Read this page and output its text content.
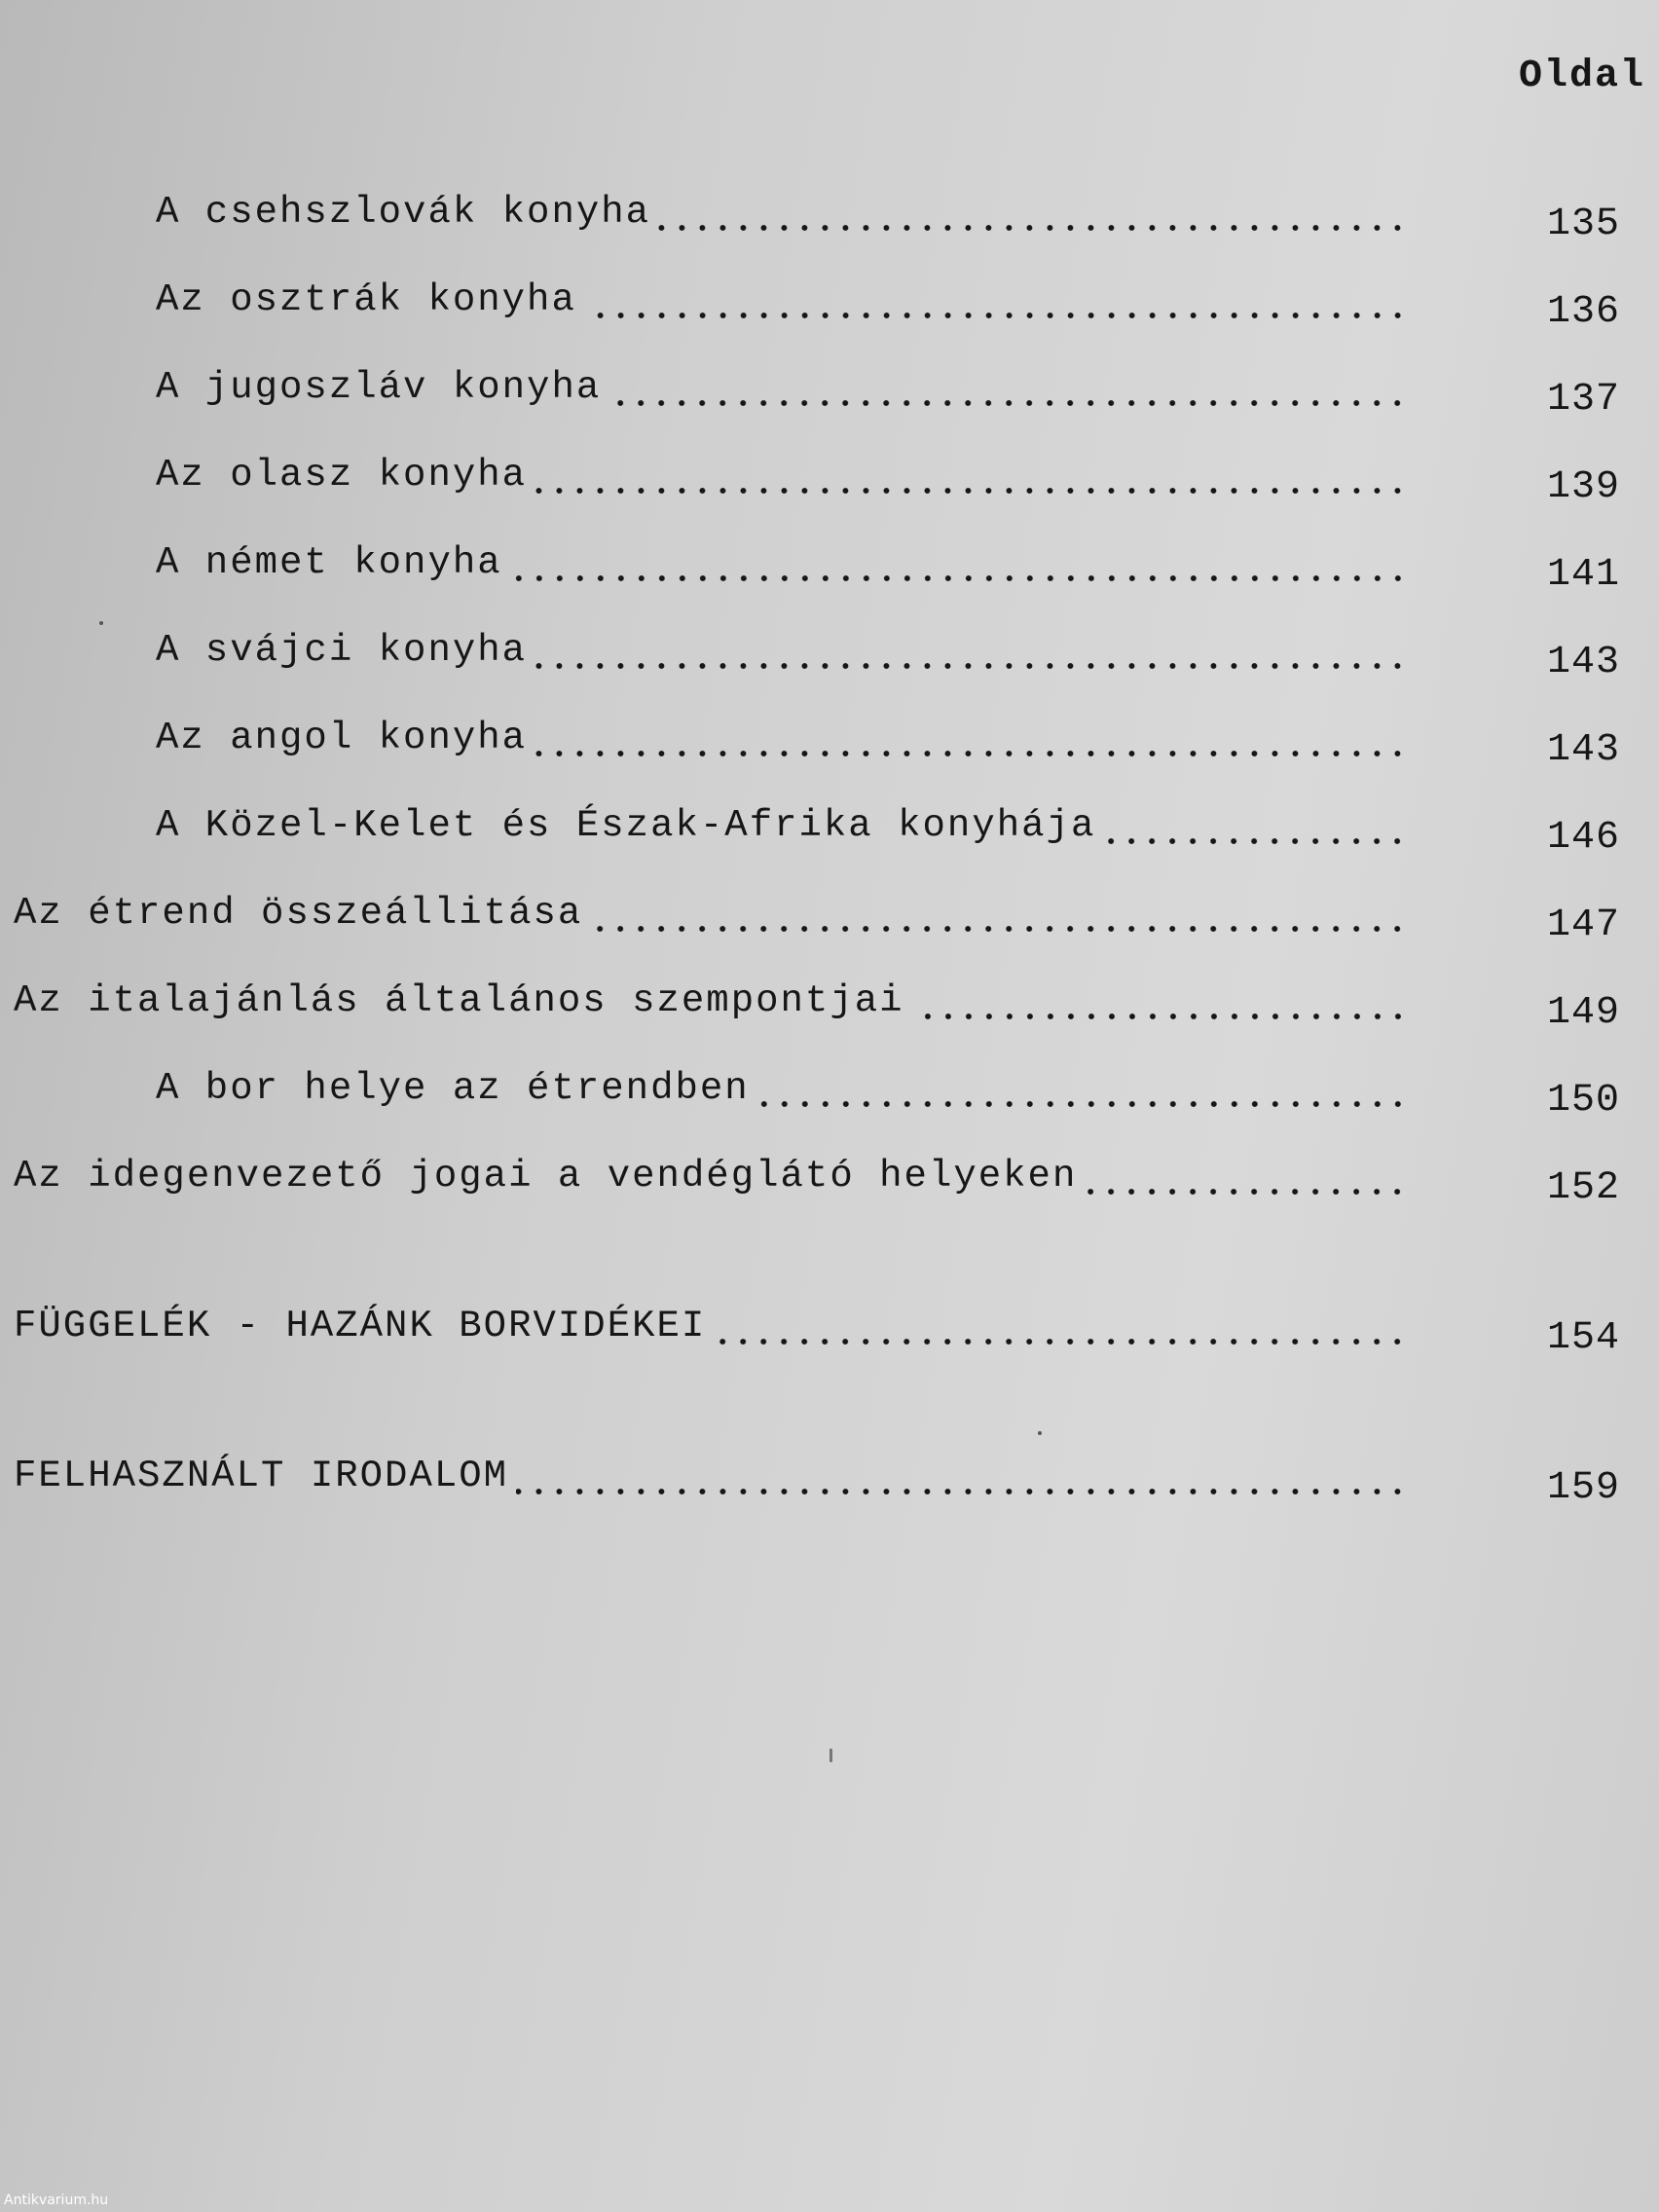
Oldal
A csehszlovák konyha	135
Az osztrák konyha	136
A jugoszláv konyha	137
Az olasz konyha	139
A német konyha	141
A svájci konyha	143
Az angol konyha	143
A Közel-Kelet és Észak-Afrika konyhája	146
Az étrend összeállitása	147
Az italajánlás általános szempontjai	149
A bor helye az étrendben	150
Az idegenvezető jogai a vendéglátó helyeken	152
FÜGGELÉK - HAZÁNK BORVIDÉKEI	154
FELHASZNÁLT IRODALOM	159
Antikvarium.hu
